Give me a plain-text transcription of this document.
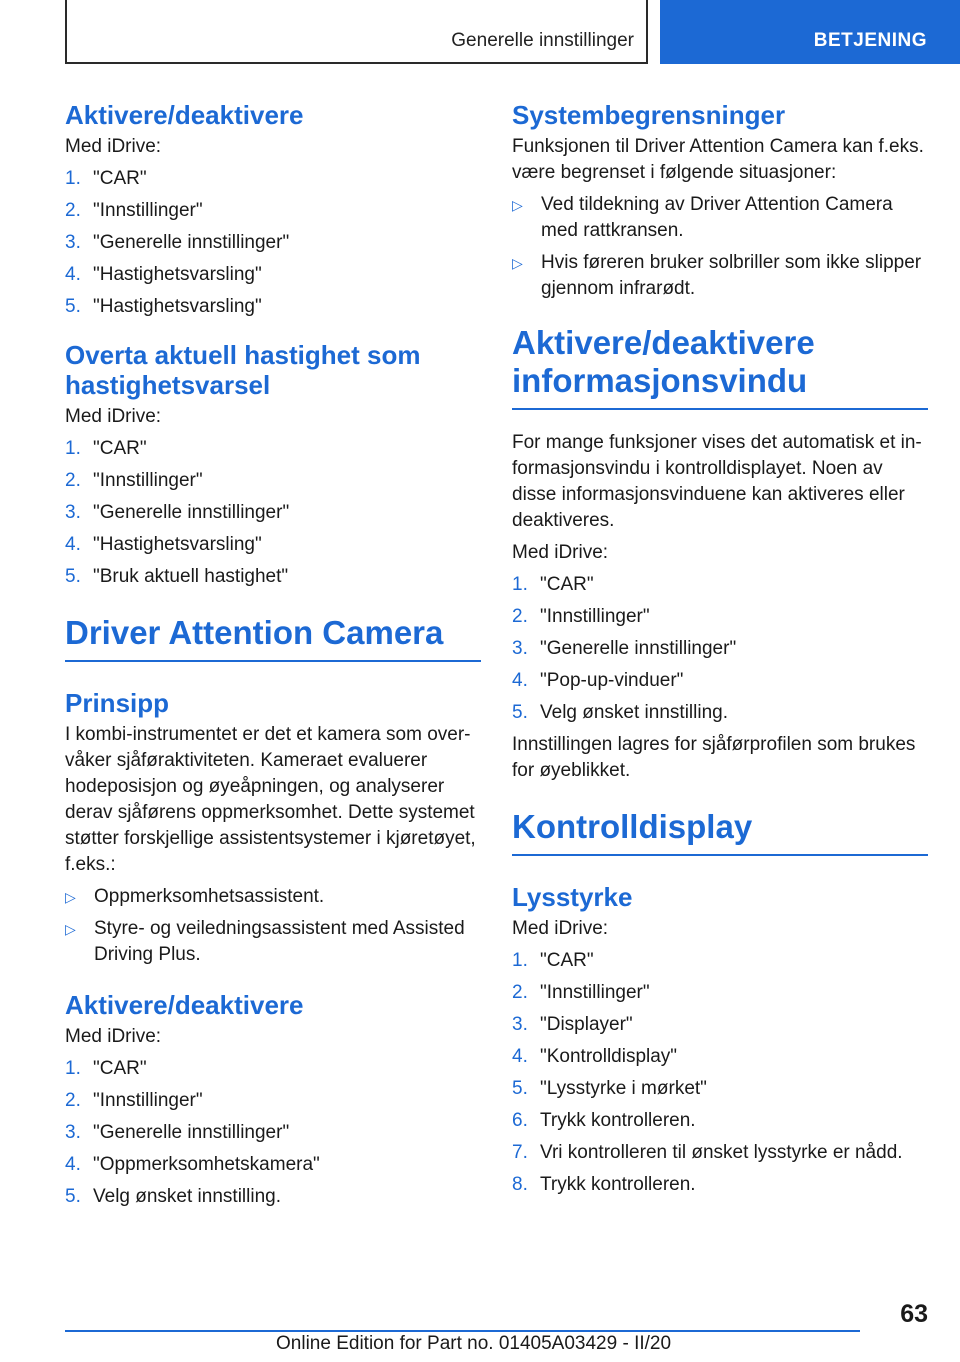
Generelle innstillinger	BETJENING
Aktivere/deaktivere

Med iDrive:

1. "CAR"
2. "Innstillinger"
3. "Generelle innstillinger"
4. "Hastighetsvarsling"
5. "Hastighetsvarsling"
Overta aktuell hastighet som hastighetsvarsel

Med iDrive:

1. "CAR"
2. "Innstillinger"
3. "Generelle innstillinger"
4. "Hastighetsvarsling"
5. "Bruk aktuell hastighet"
Driver Attention Camera
Prinsipp

I kombi-instrumentet er det et kamera som overvåker sjåføraktiviteten. Kameraet evaluerer hodeposisjon og øyeåpningen, og analyserer derav sjåførens oppmerksomhet. Dette systemet støtter forskjellige assistentsystemer i kjøretøyet, f.eks.:

▷ Oppmerksomhetsassistent.
▷ Styre- og veiledningsassistent med Assisted Driving Plus.
Aktivere/deaktivere

Med iDrive:

1. "CAR"
2. "Innstillinger"
3. "Generelle innstillinger"
4. "Oppmerksomhetskamera"
5. Velg ønsket innstilling.
Systembegrensninger

Funksjonen til Driver Attention Camera kan f.eks. være begrenset i følgende situasjoner:

▷ Ved tildekning av Driver Attention Camera med rattkransen.
▷ Hvis føreren bruker solbriller som ikke slipper gjennom infrarødt.
Aktivere/deaktivere informasjonsvindu

For mange funksjoner vises det automatisk et informasjonsvindu i kontrolldisplayet. Noen av disse informasjonsvinduene kan aktiveres eller deaktiveres.

Med iDrive:

1. "CAR"
2. "Innstillinger"
3. "Generelle innstillinger"
4. "Pop-up-vinduer"
5. Velg ønsket innstilling.

Innstillingen lagres for sjåførprofilen som brukes for øyeblikket.

Kontrolldisplay
Lysstyrke

Med iDrive:

1. "CAR"
2. "Innstillinger"
3. "Displayer"
4. "Kontrolldisplay"
5. "Lysstyrke i mørket"
6. Trykk kontrolleren.
7. Vri kontrolleren til ønsket lysstyrke er nådd.
8. Trykk kontrolleren.
63
Online Edition for Part no. 01405A03429 - II/20
